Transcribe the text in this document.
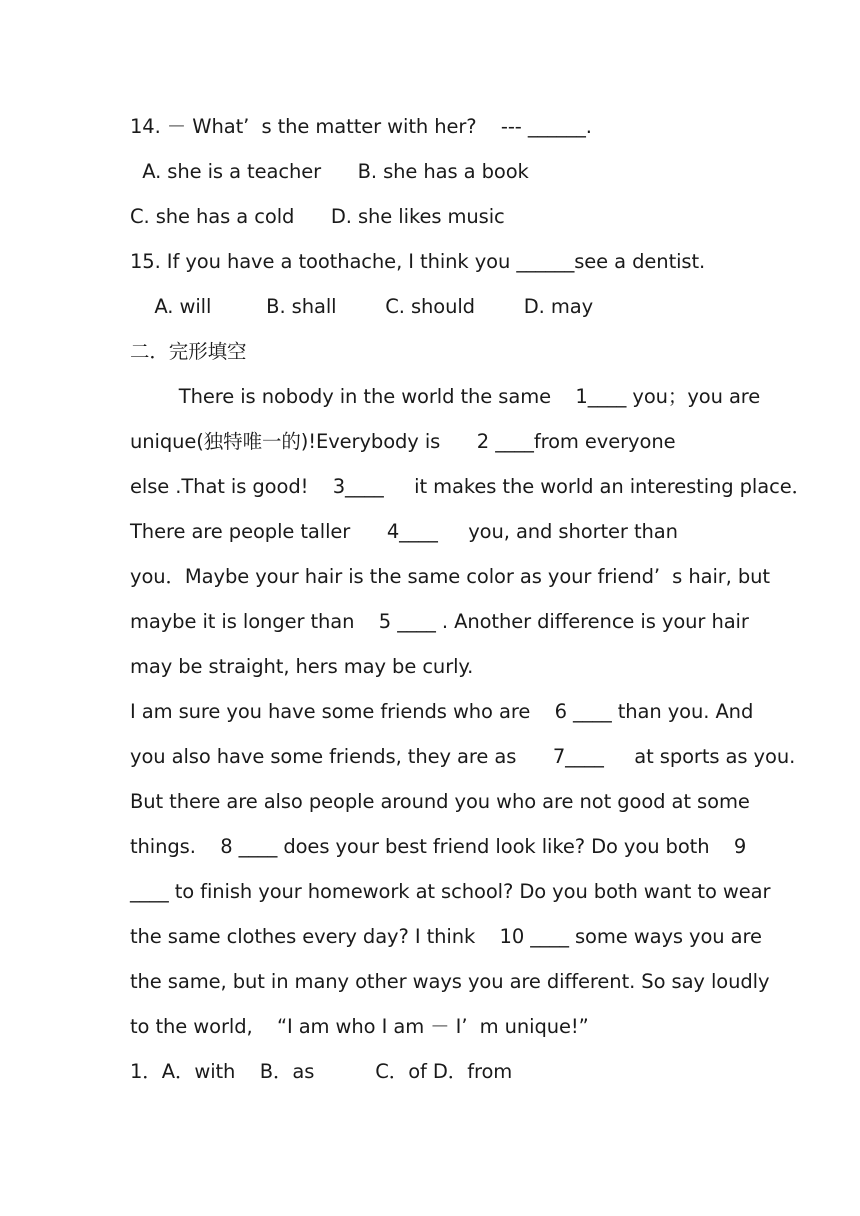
14. － What’  s the matter with her?    --- ______.
A. she is a teacher      B. she has a book
C. she has a cold      D. she likes music
15. If you have a toothache, I think you ______see a dentist.
A. will         B. shall        C. should        D. may
二．完形填空
There is nobody in the world the same    1____ you；you are
unique(独特唯一的)!Everybody is      2 ____from everyone
else .That is good!    3____     it makes the world an interesting place．
There are people taller      4____     you, and shorter than
you．Maybe your hair is the same color as your friend’  s hair, but
maybe it is longer than    5 ____ . Another difference is your hair
may be straight, hers may be curly.
I am sure you have some friends who are    6 ____ than you. And
you also have some friends, they are as      7____     at sports as you.
But there are also people around you who are not good at some
things.    8 ____ does your best friend look like? Do you both    9
____ to finish your homework at school? Do you both want to wear
the same clothes every day? I think    10 ____ some ways you are
the same, but in many other ways you are different. So say loudly
to the world,    “I am who I am － I’  m unique!”
1．A．with    B．as          C．of D．from
